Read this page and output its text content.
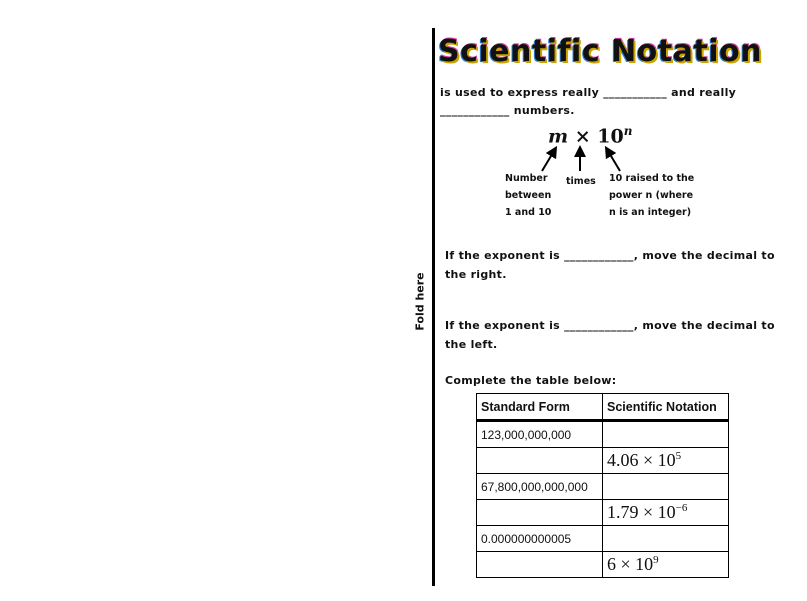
Fold here
Scientific Notation
is used to express really ___________ and really
____________ numbers.
$m \times 10^n$
Number
between
1 and 10
times 10 raised to the
power n (where
n is an integer)
If the exponent is ____________, move the decimal to
the right.
If the exponent is ____________, move the decimal to
the left.
Complete the table below:
Standard Form	Scientific Notation
123,000,000,000	
	$4.06 \times 10^5$
67,800,000,000,000	
	$1.79 \times 10^{-6}$
0.000000000005	
	$6 \times 10^9$
